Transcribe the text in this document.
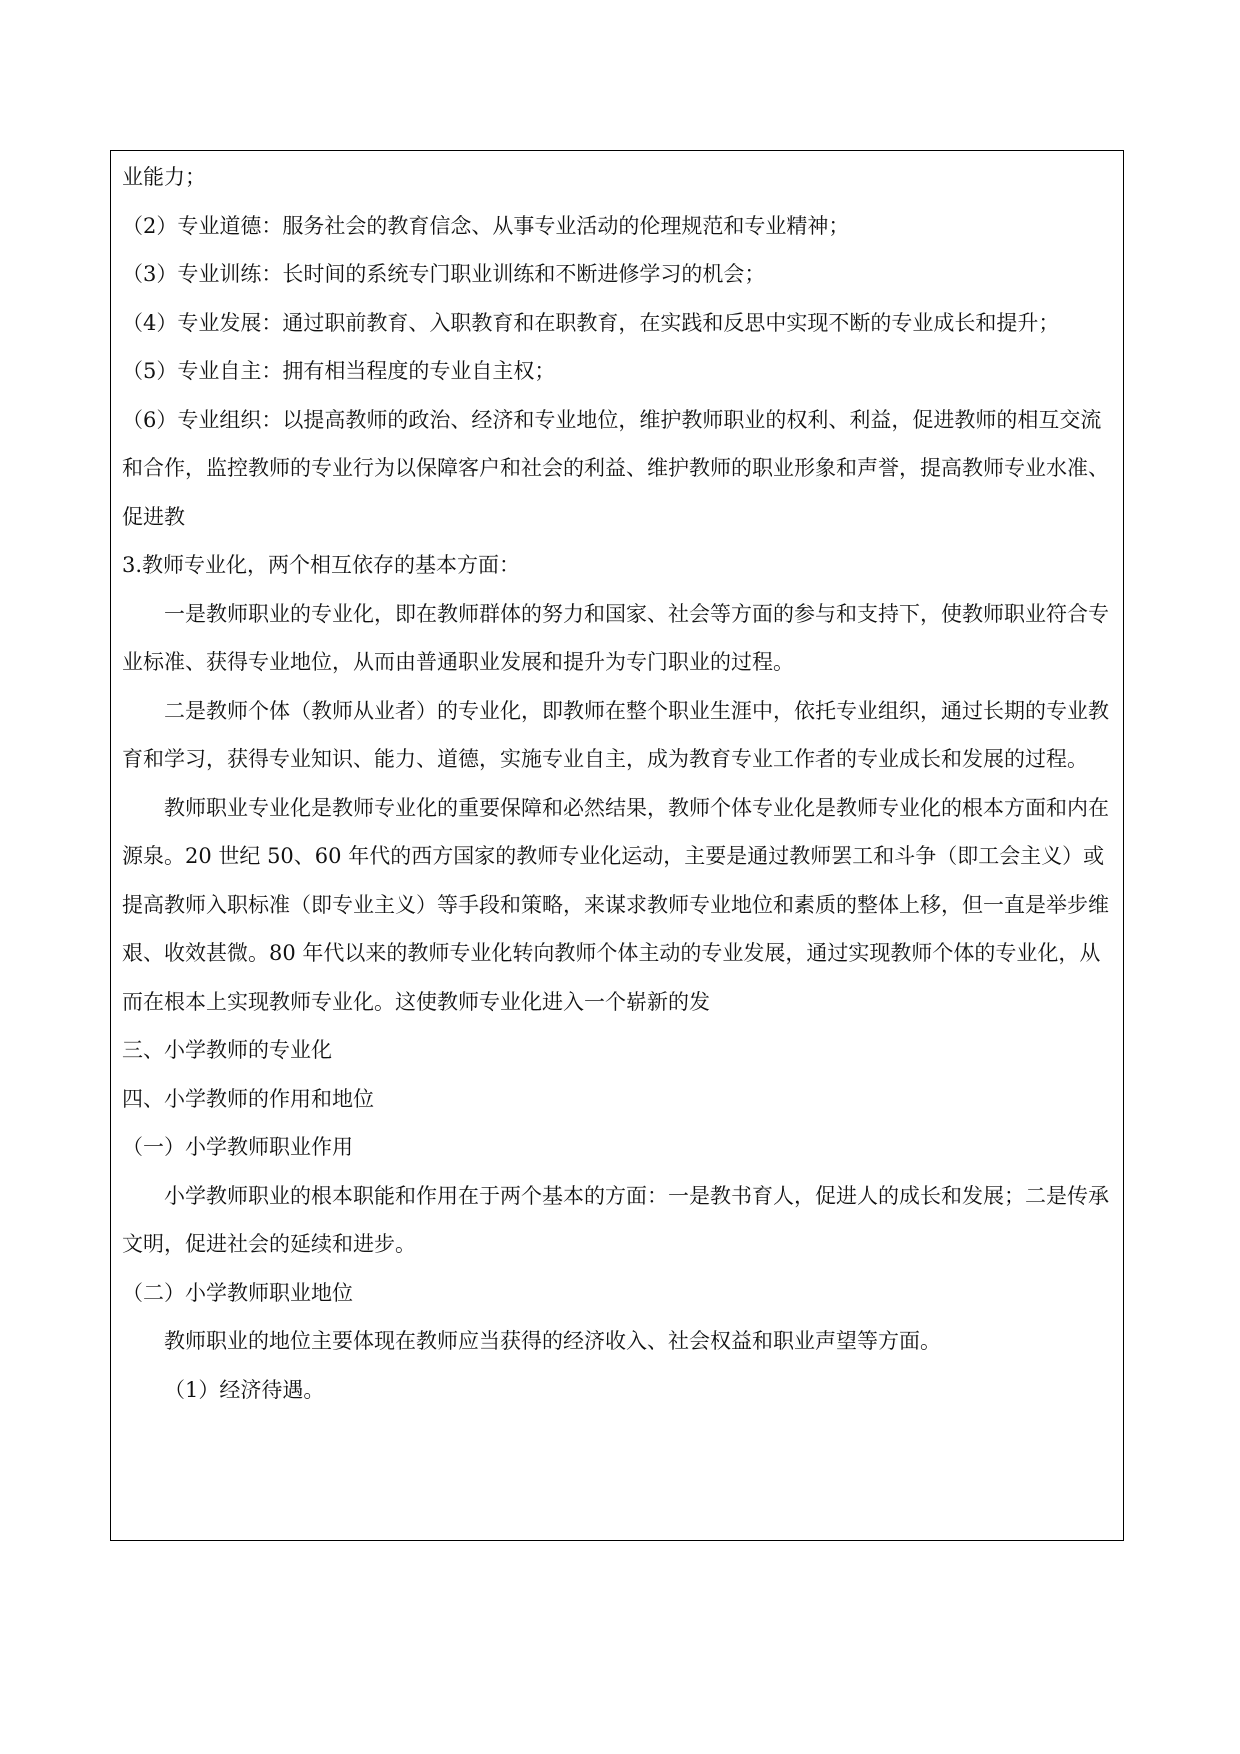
业能力；

（2）专业道德：服务社会的教育信念、从事专业活动的伦理规范和专业精神；

（3）专业训练：长时间的系统专门职业训练和不断进修学习的机会；

（4）专业发展：通过职前教育、入职教育和在职教育，在实践和反思中实现不断的专业成长和提升；

（5）专业自主：拥有相当程度的专业自主权；

（6）专业组织：以提高教师的政治、经济和专业地位，维护教师职业的权利、利益，促进教师的相互交流和合作，监控教师的专业行为以保障客户和社会的利益、维护教师的职业形象和声誉，提高教师专业水准、促进教

3.教师专业化，两个相互依存的基本方面：

一是教师职业的专业化，即在教师群体的努力和国家、社会等方面的参与和支持下，使教师职业符合专业标准、获得专业地位，从而由普通职业发展和提升为专门职业的过程。

二是教师个体（教师从业者）的专业化，即教师在整个职业生涯中，依托专业组织，通过长期的专业教育和学习，获得专业知识、能力、道德，实施专业自主，成为教育专业工作者的专业成长和发展的过程。

教师职业专业化是教师专业化的重要保障和必然结果，教师个体专业化是教师专业化的根本方面和内在源泉。20 世纪 50、60 年代的西方国家的教师专业化运动，主要是通过教师罢工和斗争（即工会主义）或提高教师入职标准（即专业主义）等手段和策略，来谋求教师专业地位和素质的整体上移，但一直是举步维艰、收效甚微。80 年代以来的教师专业化转向教师个体主动的专业发展，通过实现教师个体的专业化，从而在根本上实现教师专业化。这使教师专业化进入一个崭新的发

三、小学教师的专业化

四、小学教师的作用和地位

（一）小学教师职业作用

小学教师职业的根本职能和作用在于两个基本的方面：一是教书育人，促进人的成长和发展；二是传承文明，促进社会的延续和进步。

（二）小学教师职业地位

教师职业的地位主要体现在教师应当获得的经济收入、社会权益和职业声望等方面。

（1）经济待遇。
